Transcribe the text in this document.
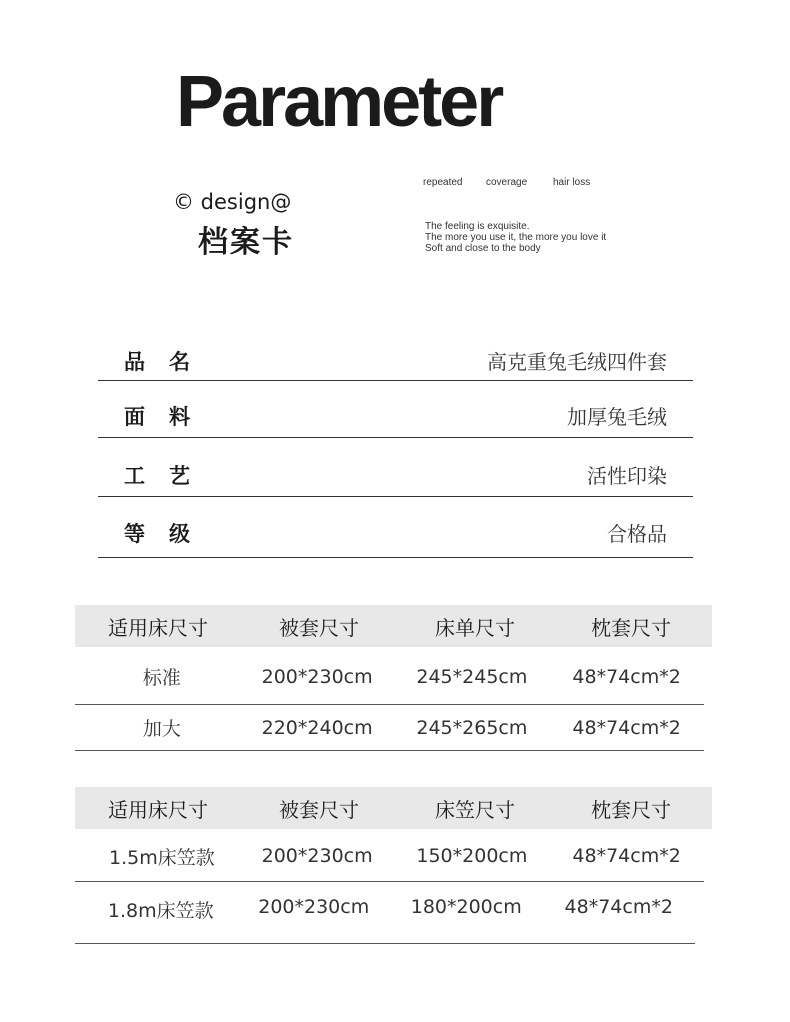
Parameter
© design@
档案卡
repeated coverage	hair loss
The feeling is exquisite.
The more you use it, the more you love it
Soft and close to the body
品名	高克重兔毛绒四件套
面料	加厚兔毛绒
工艺	活性印染
等级	合格品
适用床尺寸	被套尺寸	床单尺寸	枕套尺寸
标准	200*230cm	245*245cm	48*74cm*2
加大	220*240cm	245*265cm	48*74cm*2
适用床尺寸	被套尺寸	床笠尺寸	枕套尺寸
1.5m床笠款	200*230cm	150*200cm	48*74cm*2
1.8m床笠款	200*230cm	180*200cm	48*74cm*2
